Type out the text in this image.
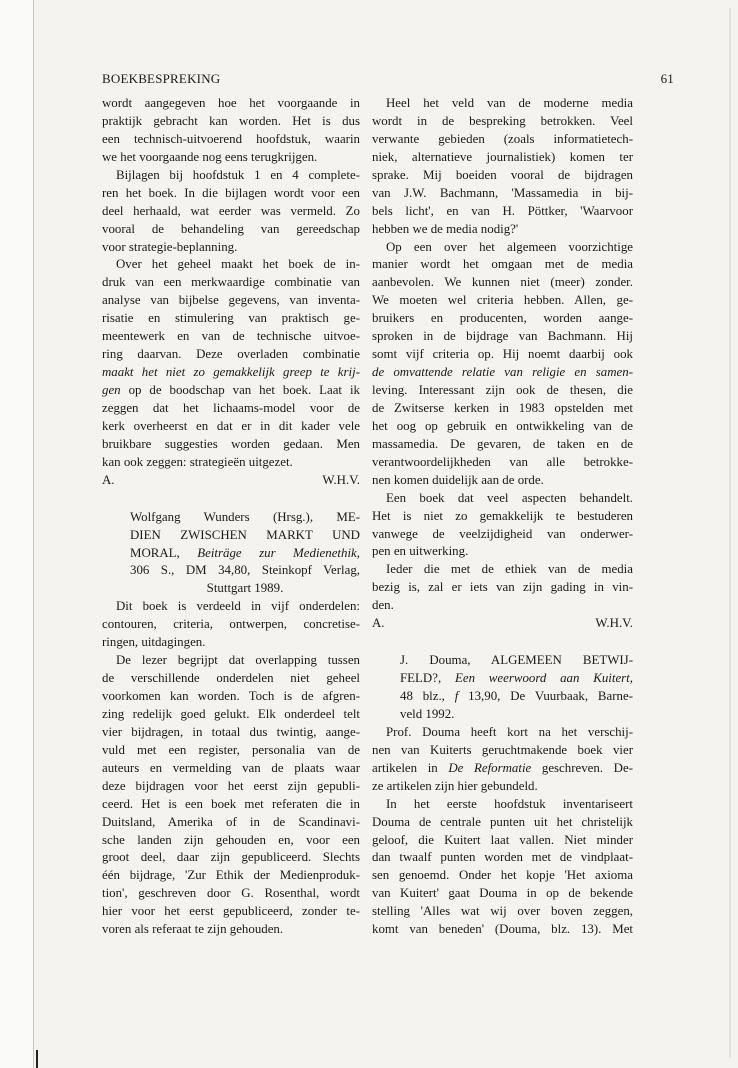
BOEKBESPREKING	61
wordt aangegeven hoe het voorgaande in
praktijk gebracht kan worden. Het is dus
een technisch-uitvoerend hoofdstuk, waarin
we het voorgaande nog eens terugkrijgen.
Bijlagen bij hoofdstuk 1 en 4 complete-
ren het boek. In die bijlagen wordt voor een
deel herhaald, wat eerder was vermeld. Zo
vooral de behandeling van gereedschap
voor strategie-beplanning.
Over het geheel maakt het boek de in-
druk van een merkwaardige combinatie van
analyse van bijbelse gegevens, van inventa-
risatie en stimulering van praktisch ge-
meentewerk en van de technische uitvoe-
ring daarvan. Deze overladen combinatie
maakt het niet zo gemakkelijk greep te krij-
gen op de boodschap van het boek. Laat ik
zeggen dat het lichaams-model voor de
kerk overheerst en dat er in dit kader vele
bruikbare suggesties worden gedaan. Men
kan ook zeggen: strategieën uitgezet.
A.	W.H.V.
Wolfgang Wunders (Hrsg.), ME-
DIEN ZWISCHEN MARKT UND
MORAL, Beiträge zur Medienethik,
306 S., DM 34,80, Steinkopf Verlag,
Stuttgart 1989.
Dit boek is verdeeld in vijf onderdelen:
contouren, criteria, ontwerpen, concretise-
ringen, uitdagingen.
De lezer begrijpt dat overlapping tussen
de verschillende onderdelen niet geheel
voorkomen kan worden. Toch is de afgren-
zing redelijk goed gelukt. Elk onderdeel telt
vier bijdragen, in totaal dus twintig, aange-
vuld met een register, personalia van de
auteurs en vermelding van de plaats waar
deze bijdragen voor het eerst zijn gepubli-
ceerd. Het is een boek met referaten die in
Duitsland, Amerika of in de Scandinavi-
sche landen zijn gehouden en, voor een
groot deel, daar zijn gepubliceerd. Slechts
één bijdrage, 'Zur Ethik der Medienproduk-
tion', geschreven door G. Rosenthal, wordt
hier voor het eerst gepubliceerd, zonder te-
voren als referaat te zijn gehouden.
Heel het veld van de moderne media
wordt in de bespreking betrokken. Veel
verwante gebieden (zoals informatietech-
niek, alternatieve journalistiek) komen ter
sprake. Mij boeiden vooral de bijdragen
van J.W. Bachmann, 'Massamedia in bij-
bels licht', en van H. Pöttker, 'Waarvoor
hebben we de media nodig?'
Op een over het algemeen voorzichtige
manier wordt het omgaan met de media
aanbevolen. We kunnen niet (meer) zonder.
We moeten wel criteria hebben. Allen, ge-
bruikers en producenten, worden aange-
sproken in de bijdrage van Bachmann. Hij
somt vijf criteria op. Hij noemt daarbij ook
de omvattende relatie van religie en samen-
leving. Interessant zijn ook de thesen, die
de Zwitserse kerken in 1983 opstelden met
het oog op gebruik en ontwikkeling van de
massamedia. De gevaren, de taken en de
verantwoordelijkheden van alle betrokke-
nen komen duidelijk aan de orde.
Een boek dat veel aspecten behandelt.
Het is niet zo gemakkelijk te bestuderen
vanwege de veelzijdigheid van onderwer-
pen en uitwerking.
Ieder die met de ethiek van de media
bezig is, zal er iets van zijn gading in vin-
den.
A.	W.H.V.
J. Douma, ALGEMEEN BETWIJ-
FELD?, Een weerwoord aan Kuitert,
48 blz., f 13,90, De Vuurbaak, Barne-
veld 1992.
Prof. Douma heeft kort na het verschij-
nen van Kuiterts geruchtmakende boek vier
artikelen in De Reformatie geschreven. De-
ze artikelen zijn hier gebundeld.
In het eerste hoofdstuk inventariseert
Douma de centrale punten uit het christelijk
geloof, die Kuitert laat vallen. Niet minder
dan twaalf punten worden met de vindplaat-
sen genoemd. Onder het kopje 'Het axioma
van Kuitert' gaat Douma in op de bekende
stelling 'Alles wat wij over boven zeggen,
komt van beneden' (Douma, blz. 13). Met
